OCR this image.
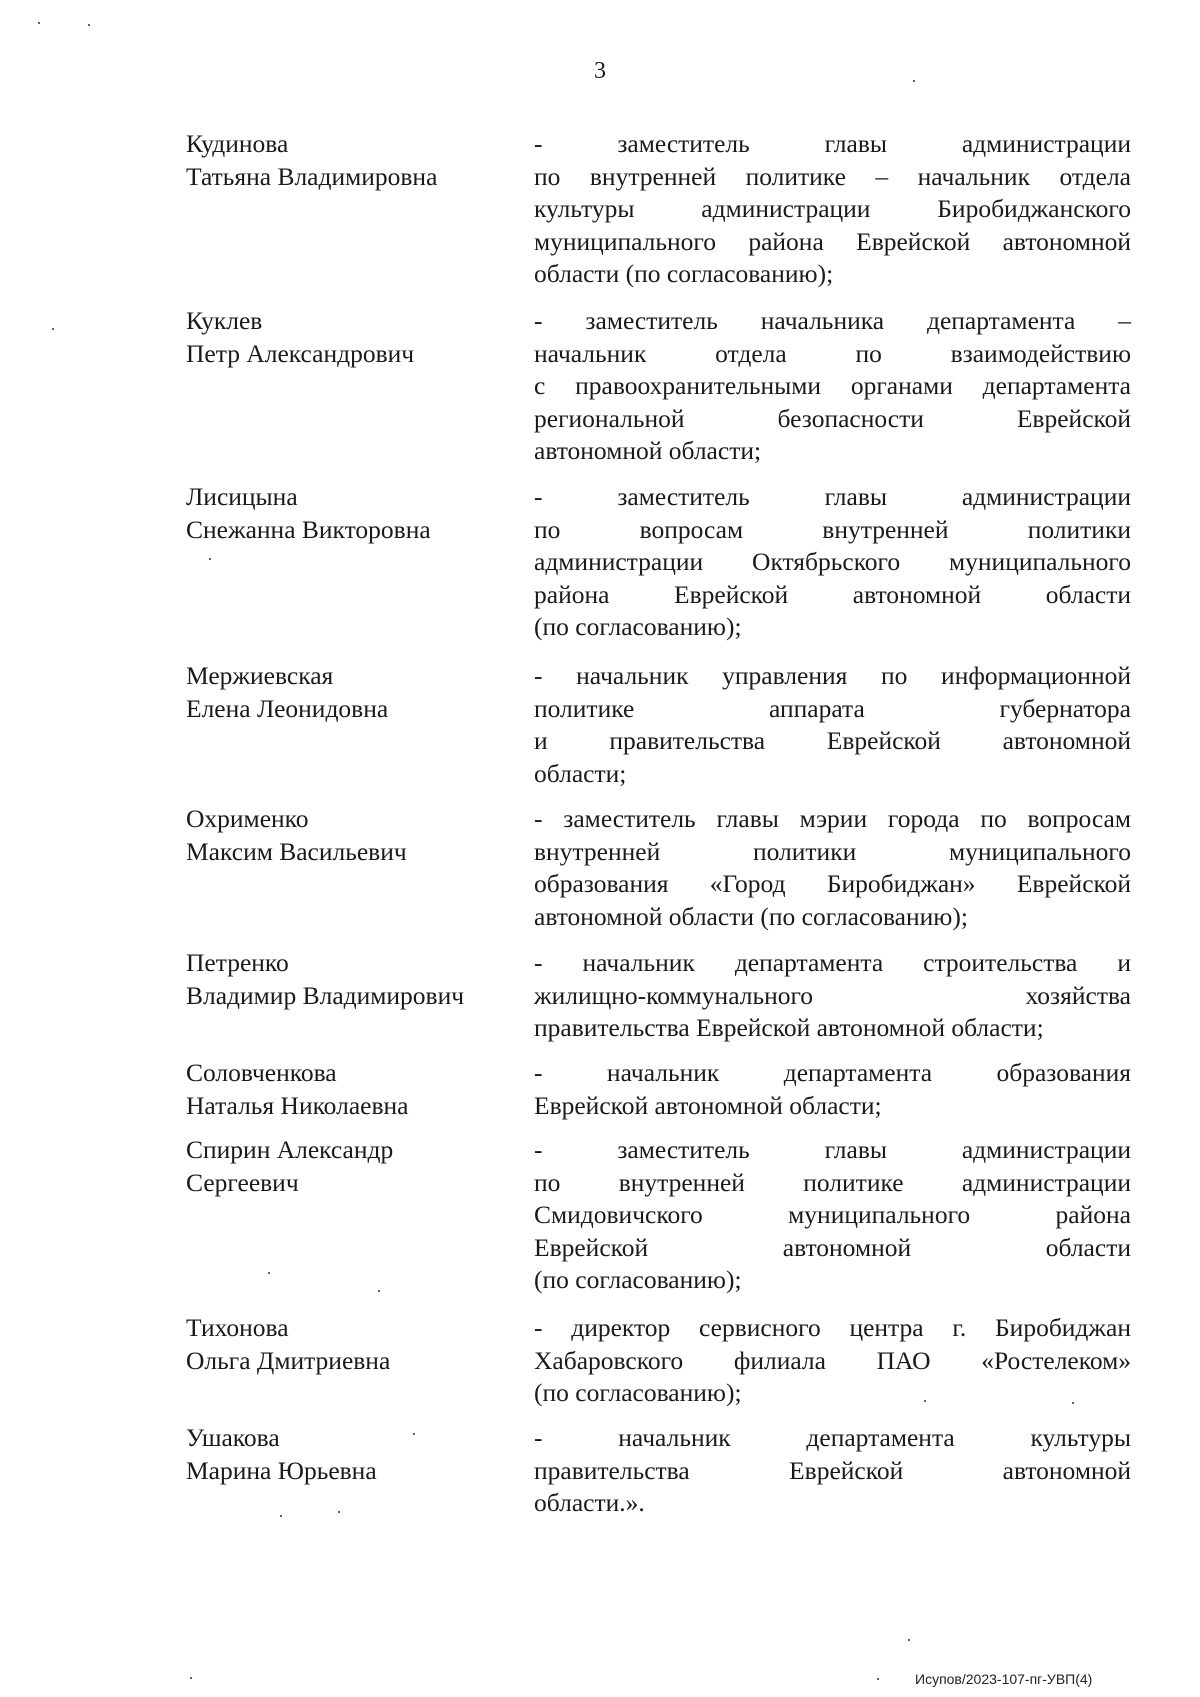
3
Кудинова
Татьяна Владимировна
- заместитель главы администрации
по внутренней политике – начальник отдела
культуры администрации Биробиджанского
муниципального района Еврейской автономной
области (по согласованию);
Куклев
Петр Александрович
- заместитель начальника департамента –
начальник отдела по взаимодействию
с правоохранительными органами департамента
региональной безопасности Еврейской
автономной области;
Лисицына
Снежанна Викторовна
- заместитель главы администрации
по вопросам внутренней политики
администрации Октябрьского муниципального
района Еврейской автономной области
(по согласованию);
Мержиевская
Елена Леонидовна
- начальник управления по информационной
политике аппарата губернатора
и правительства Еврейской автономной
области;
Охрименко
Максим Васильевич
- заместитель главы мэрии города по вопросам
внутренней политики муниципального
образования «Город Биробиджан» Еврейской
автономной области (по согласованию);
Петренко
Владимир Владимирович
- начальник департамента строительства и
жилищно-коммунального хозяйства
правительства Еврейской автономной области;
Соловченкова
Наталья Николаевна
- начальник департамента образования
Еврейской автономной области;
Спирин Александр
Сергеевич
- заместитель главы администрации
по внутренней политике администрации
Смидовичского муниципального района
Еврейской автономной области
(по согласованию);
Тихонова
Ольга Дмитриевна
- директор сервисного центра г. Биробиджан
Хабаровского филиала ПАО «Ростелеком»
(по согласованию);
Ушакова
Марина Юрьевна
- начальник департамента культуры
правительства Еврейской автономной
области.».
Исупов/2023-107-пг-УВП(4)
